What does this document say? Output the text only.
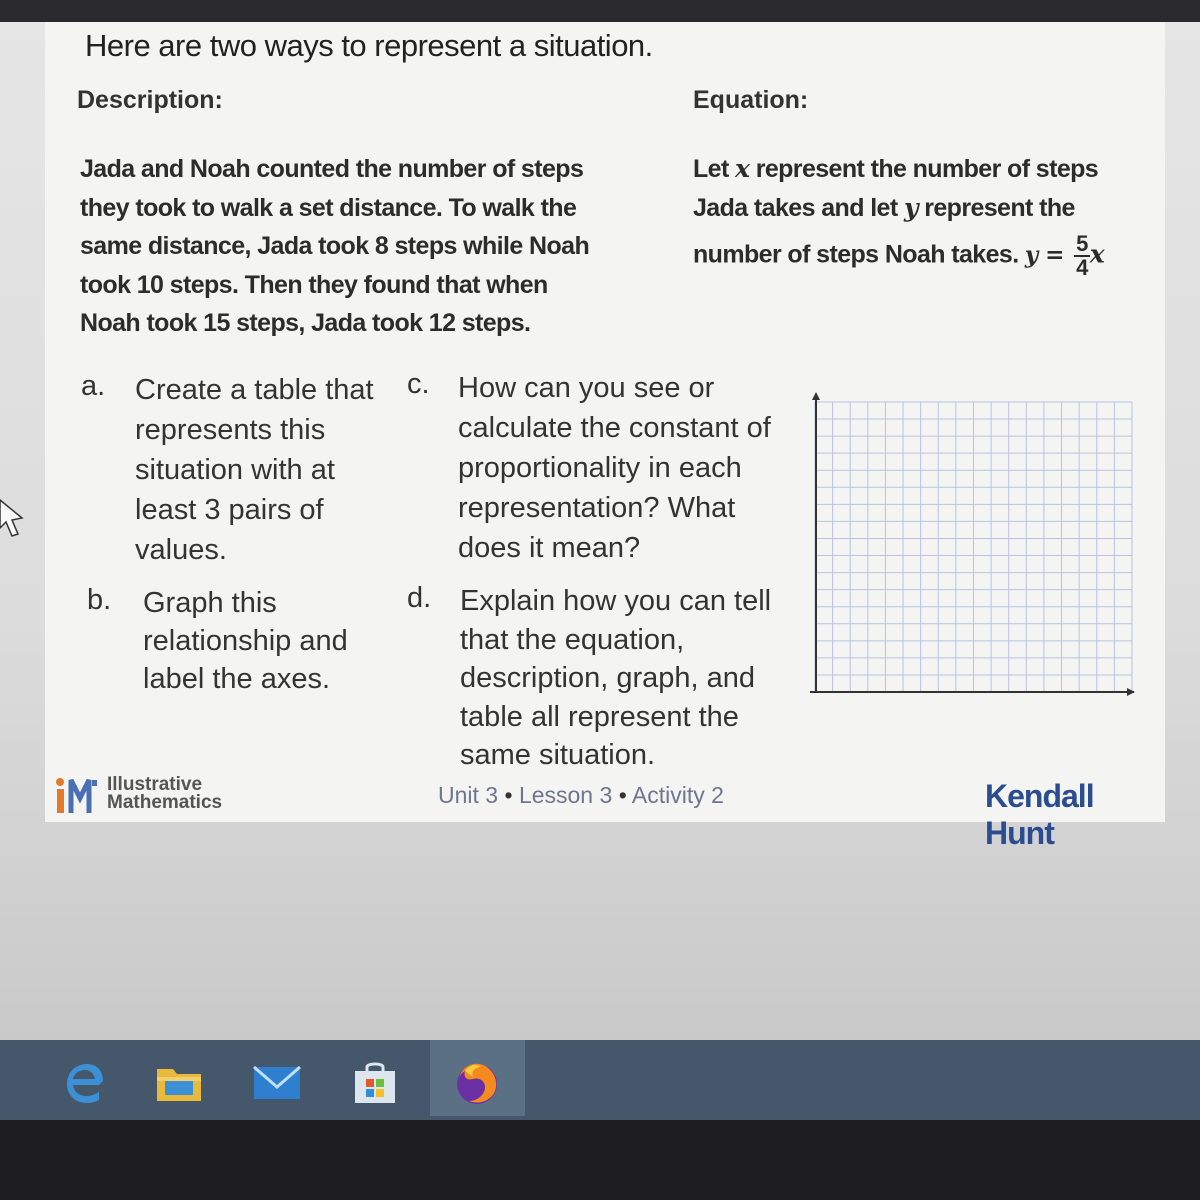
Here are two ways to represent a situation.
Description:	Equation:
Jada and Noah counted the number of steps
they took to walk a set distance. To walk the
same distance, Jada took 8 steps while Noah
took 10 steps. Then they found that when
Noah took 15 steps, Jada took 12 steps.
Let x represent the number of steps
Jada takes and let y represent the
number of steps Noah takes. $y = \frac{5}{4}$ x
a. Create a table that
represents this
situation with at
least 3 pairs of
values.
b. Graph this
relationship and
label the axes.
c. How can you see or
calculate the constant of
proportionality in each
representation? What
does it mean?
d. Explain how you can tell
that the equation,
description, graph, and
table all represent the
same situation.
Illustrative
Mathematics	Unit 3 • Lesson 3 • Activity 2	Kendall Hunt
